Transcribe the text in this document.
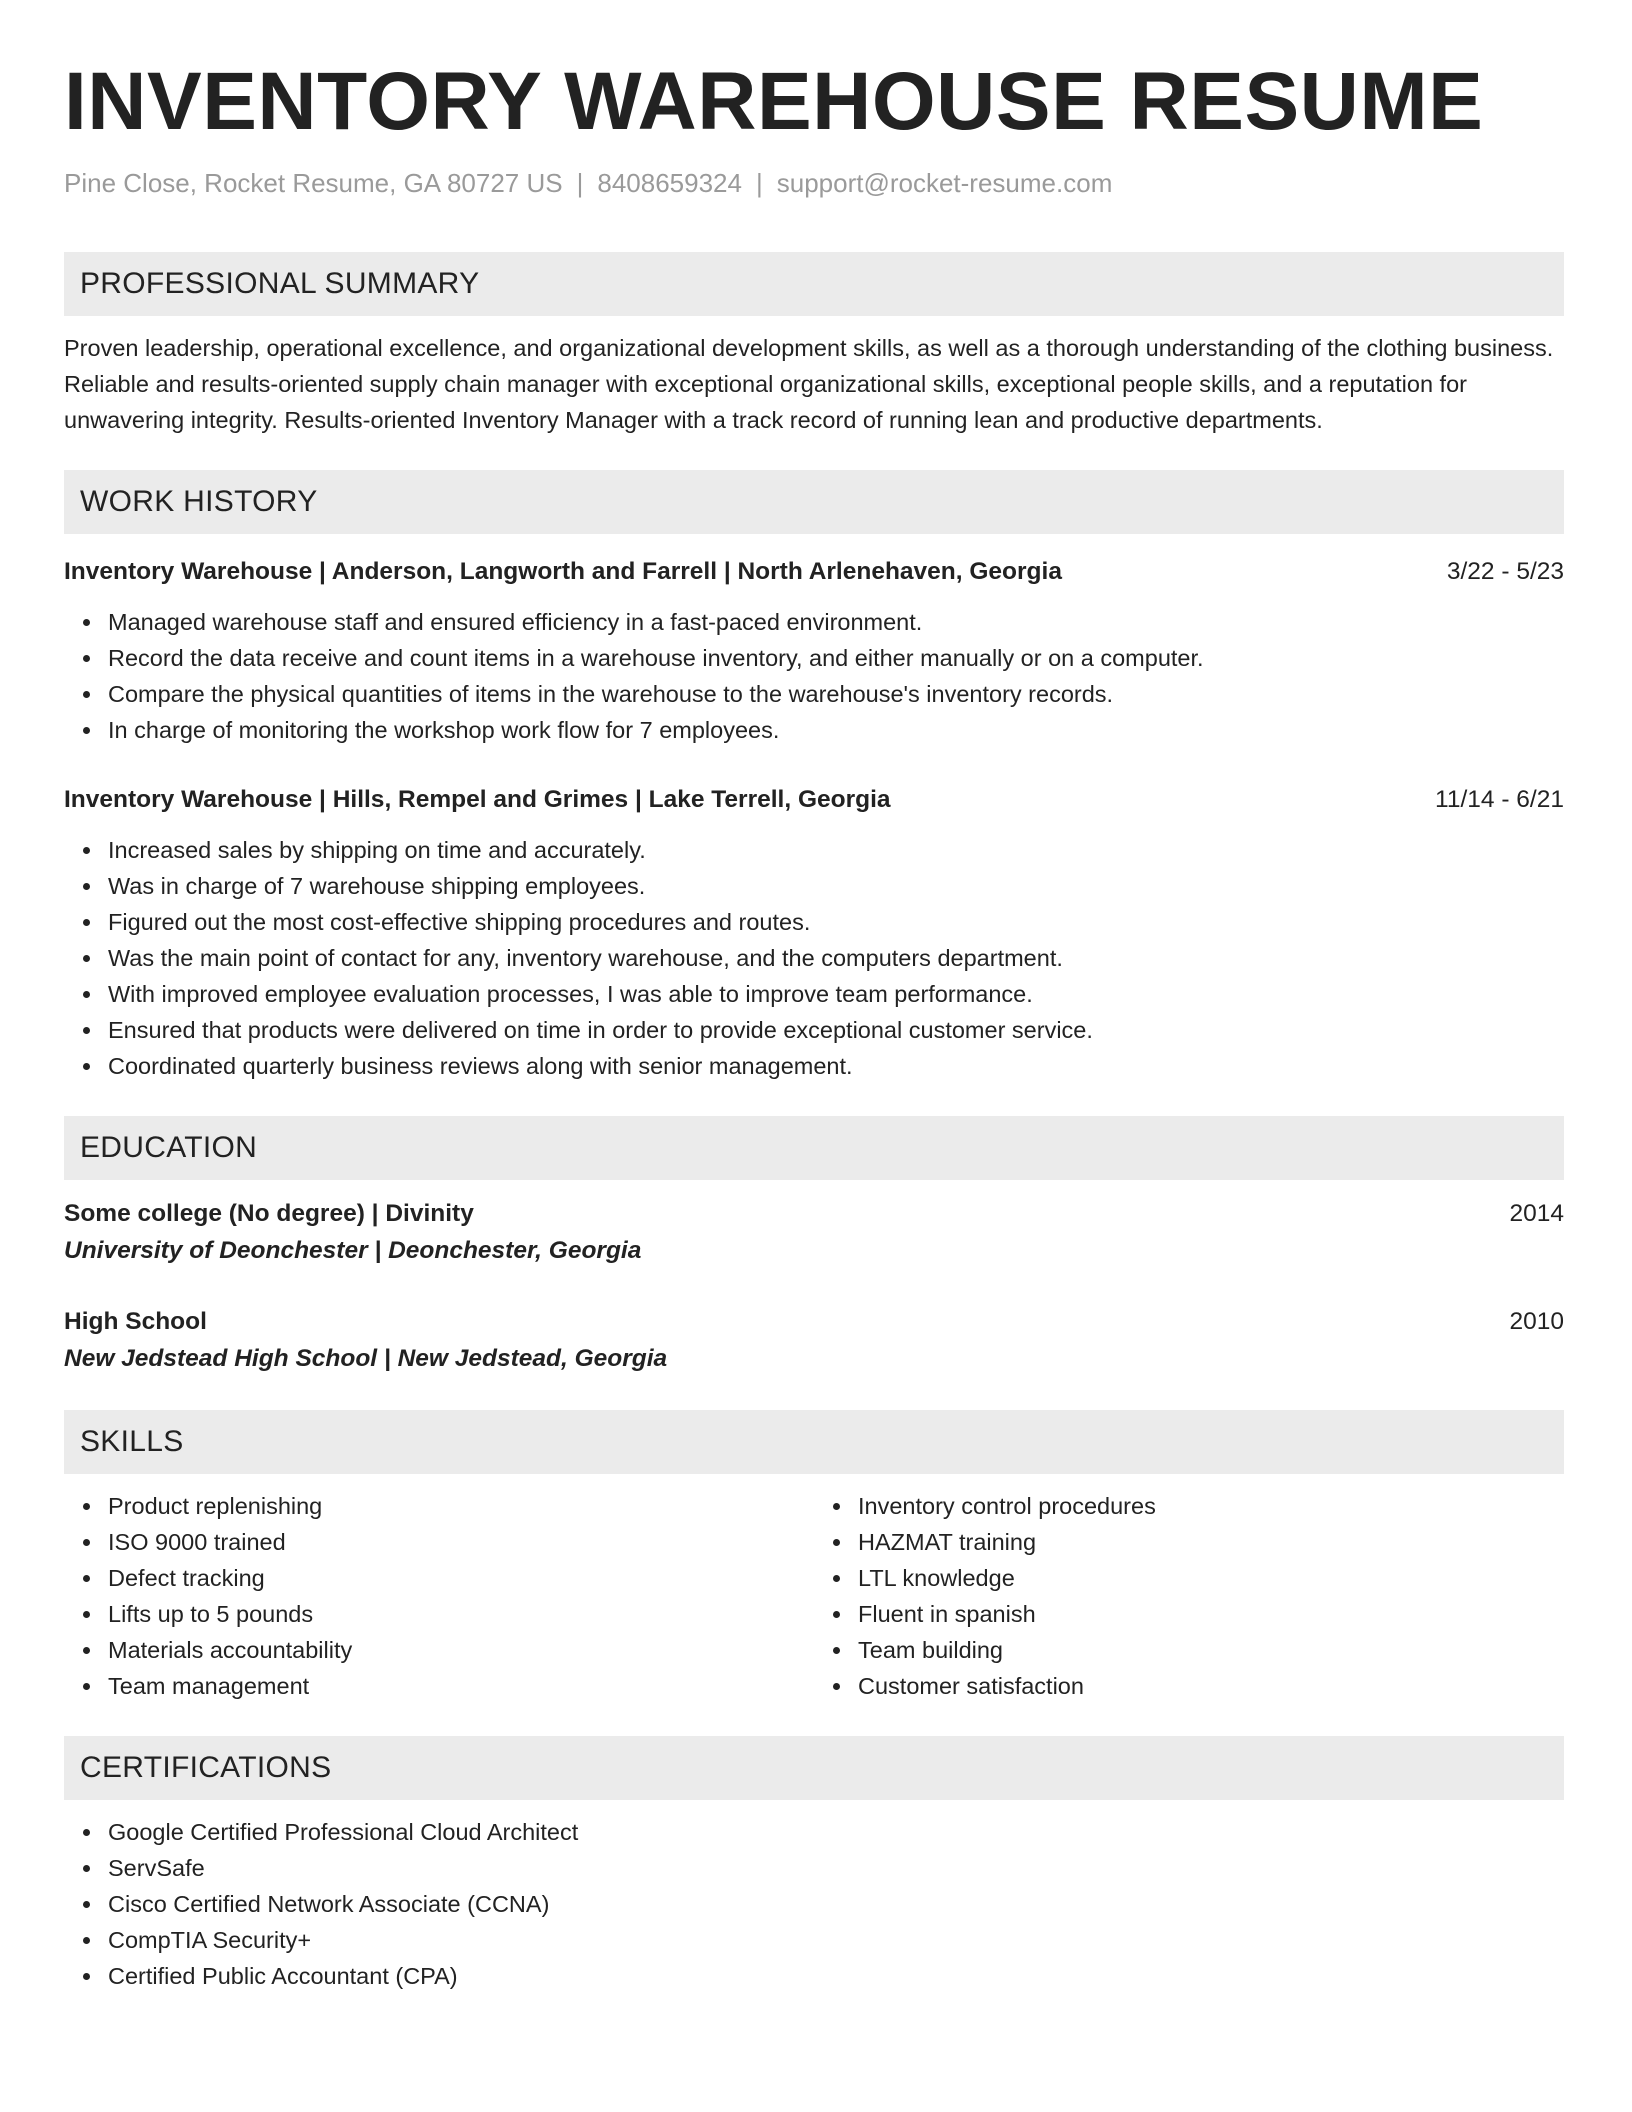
INVENTORY WAREHOUSE RESUME
Pine Close, Rocket Resume, GA 80727 US | 8408659324 | support@rocket-resume.com
PROFESSIONAL SUMMARY
Proven leadership, operational excellence, and organizational development skills, as well as a thorough understanding of the clothing business. Reliable and results-oriented supply chain manager with exceptional organizational skills, exceptional people skills, and a reputation for unwavering integrity. Results-oriented Inventory Manager with a track record of running lean and productive departments.
WORK HISTORY
Inventory Warehouse | Anderson, Langworth and Farrell | North Arlenehaven, Georgia	3/22 - 5/23
Managed warehouse staff and ensured efficiency in a fast-paced environment.
Record the data receive and count items in a warehouse inventory, and either manually or on a computer.
Compare the physical quantities of items in the warehouse to the warehouse's inventory records.
In charge of monitoring the workshop work flow for 7 employees.
Inventory Warehouse | Hills, Rempel and Grimes | Lake Terrell, Georgia	11/14 - 6/21
Increased sales by shipping on time and accurately.
Was in charge of 7 warehouse shipping employees.
Figured out the most cost-effective shipping procedures and routes.
Was the main point of contact for any, inventory warehouse, and the computers department.
With improved employee evaluation processes, I was able to improve team performance.
Ensured that products were delivered on time in order to provide exceptional customer service.
Coordinated quarterly business reviews along with senior management.
EDUCATION
Some college (No degree) | Divinity	2014
University of Deonchester | Deonchester, Georgia
High School	2010
New Jedstead High School | New Jedstead, Georgia
SKILLS
Product replenishing
ISO 9000 trained
Defect tracking
Lifts up to 5 pounds
Materials accountability
Team management
Inventory control procedures
HAZMAT training
LTL knowledge
Fluent in spanish
Team building
Customer satisfaction
CERTIFICATIONS
Google Certified Professional Cloud Architect
ServSafe
Cisco Certified Network Associate (CCNA)
CompTIA Security+
Certified Public Accountant (CPA)
